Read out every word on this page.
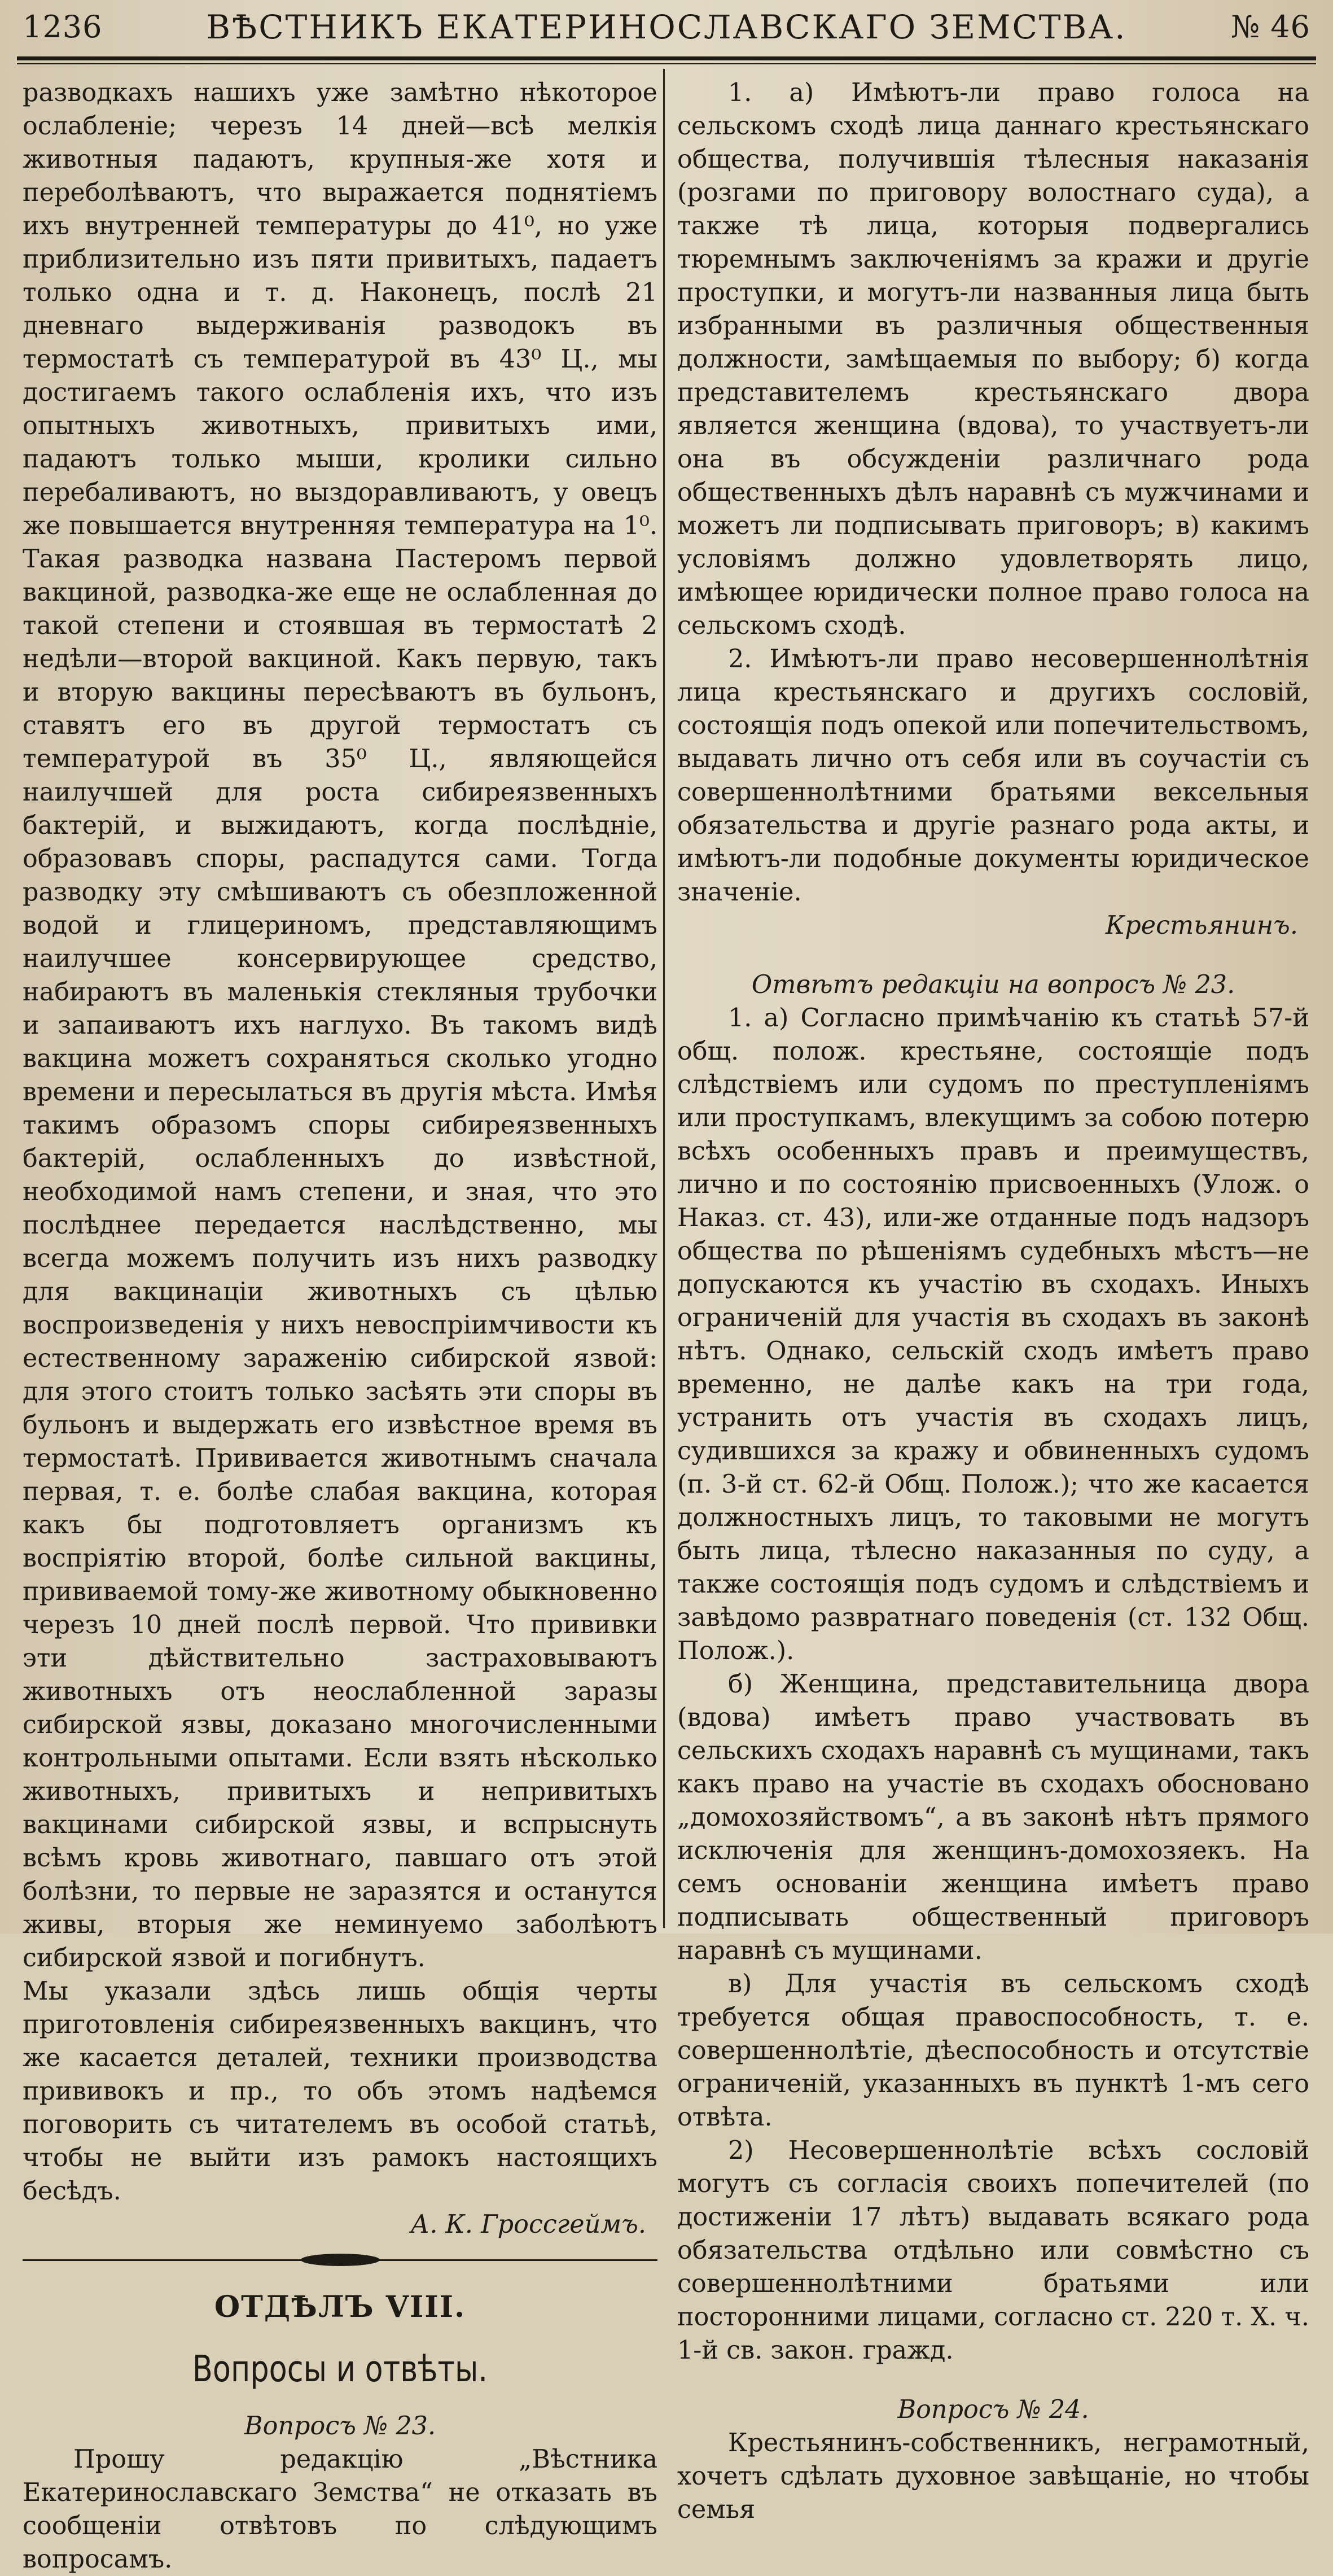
1236	ВѢСТНИКЪ ЕКАТЕРИНОСЛАВСКАГО ЗЕМСТВА.	№ 46

разводкахъ нашихъ уже замѣтно нѣкоторое ослабленіе; черезъ 14 дней—всѣ мелкія животныя падаютъ, крупныя-же хотя и переболѣваютъ, что выражается поднятіемъ ихъ внутренней температуры до 41⁰, но уже приблизительно изъ пяти привитыхъ, падаетъ только одна и т. д. Наконецъ, послѣ 21 дневнаго выдерживанія разводокъ въ термостатѣ съ температурой въ 43⁰ Ц., мы достигаемъ такого ослабленія ихъ, что изъ опытныхъ животныхъ, привитыхъ ими, падаютъ только мыши, кролики сильно перебаливаютъ, но выздоравливаютъ, у овецъ же повышается внутренняя температура на 1⁰. Такая разводка названа Пастеромъ первой вакциной, разводка-же еще не ослабленная до такой степени и стоявшая въ термостатѣ 2 недѣли—второй вакциной. Какъ первую, такъ и вторую вакцины пересѣваютъ въ бульонъ, ставятъ его въ другой термостатъ съ температурой въ 35⁰ Ц., являющейся наилучшей для роста сибиреязвенныхъ бактерій, и выжидаютъ, когда послѣдніе, образовавъ споры, распадутся сами. Тогда разводку эту смѣшиваютъ съ обезпложенной водой и глицериномъ, представляющимъ наилучшее консервирующее средство, набираютъ въ маленькія стекляныя трубочки и запаиваютъ ихъ наглухо. Въ такомъ видѣ вакцина можетъ сохраняться сколько угодно времени и пересылаться въ другія мѣста. Имѣя такимъ образомъ споры сибиреязвенныхъ бактерій, ослабленныхъ до извѣстной, необходимой намъ степени, и зная, что это послѣднее передается наслѣдственно, мы всегда можемъ получить изъ нихъ разводку для вакцинаціи животныхъ съ цѣлью воспроизведенія у нихъ невоспріимчивости къ естественному зараженію сибирской язвой: для этого стоитъ только засѣять эти споры въ бульонъ и выдержать его извѣстное время въ термостатѣ. Прививается животнымъ сначала первая, т. е. болѣе слабая вакцина, которая какъ бы подготовляетъ организмъ къ воспріятію второй, болѣе сильной вакцины, прививаемой тому-же животному обыкновенно черезъ 10 дней послѣ первой. Что прививки эти дѣйствительно застраховываютъ животныхъ отъ неослабленной заразы сибирской язвы, доказано многочисленными контрольными опытами. Если взять нѣсколько животныхъ, привитыхъ и непривитыхъ вакцинами сибирской язвы, и вспрыснуть всѣмъ кровь животнаго, павшаго отъ этой болѣзни, то первые не заразятся и останутся живы, вторыя же неминуемо заболѣютъ сибирской язвой и погибнутъ.

Мы указали здѣсь лишь общія черты приготовленія сибиреязвенныхъ вакцинъ, что же касается деталей, техники производства прививокъ и пр., то объ этомъ надѣемся поговорить съ читателемъ въ особой статьѣ, чтобы не выйти изъ рамокъ настоящихъ бесѣдъ.

А. К. Гроссгеймъ.
ОТДѢЛЪ VIII.
Вопросы и отвѣты.
Вопросъ № 23.

Прошу редакцію „Вѣстника Екатеринославскаго Земства“ не отказать въ сообщеніи отвѣтовъ по слѣдующимъ вопросамъ.

1. а) Имѣютъ-ли право голоса на сельскомъ сходѣ лица даннаго крестьянскаго общества, получившія тѣлесныя наказанія (розгами по приговору волостнаго суда), а также тѣ лица, которыя подвергались тюремнымъ заключеніямъ за кражи и другіе проступки, и могутъ-ли названныя лица быть избранными въ различныя общественныя должности, замѣщаемыя по выбору; б) когда представителемъ крестьянскаго двора является женщина (вдова), то участвуетъ-ли она въ обсужденіи различнаго рода общественныхъ дѣлъ наравнѣ съ мужчинами и можетъ ли подписывать приговоръ; в) какимъ условіямъ должно удовлетворять лицо, имѣющее юридически полное право голоса на сельскомъ сходѣ.

2. Имѣютъ-ли право несовершеннолѣтнія лица крестьянскаго и другихъ сословій, состоящія подъ опекой или попечительствомъ, выдавать лично отъ себя или въ соучастіи съ совершеннолѣтними братьями вексельныя обязательства и другіе разнаго рода акты, и имѣютъ-ли подобные документы юридическое значеніе.

Крестьянинъ.
Отвѣтъ редакціи на вопросъ № 23.

1. а) Согласно примѣчанію къ статьѣ 57-й общ. полож. крестьяне, состоящіе подъ слѣдствіемъ или судомъ по преступленіямъ или проступкамъ, влекущимъ за собою потерю всѣхъ особенныхъ правъ и преимуществъ, лично и по состоянію присвоенныхъ (Улож. о Наказ. ст. 43), или-же отданные подъ надзоръ общества по рѣшеніямъ судебныхъ мѣстъ—не допускаются къ участію въ сходахъ. Иныхъ ограниченій для участія въ сходахъ въ законѣ нѣтъ. Однако, сельскій сходъ имѣетъ право временно, не далѣе какъ на три года, устранить отъ участія въ сходахъ лицъ, судившихся за кражу и обвиненныхъ судомъ (п. 3-й ст. 62-й Общ. Полож.); что же касается должностныхъ лицъ, то таковыми не могутъ быть лица, тѣлесно наказанныя по суду, а также состоящія подъ судомъ и слѣдствіемъ и завѣдомо развратнаго поведенія (ст. 132 Общ. Полож.).

б) Женщина, представительница двора (вдова) имѣетъ право участвовать въ сельскихъ сходахъ наравнѣ съ мущинами, такъ какъ право на участіе въ сходахъ обосновано „домохозяйствомъ“, а въ законѣ нѣтъ прямого исключенія для женщинъ-домохозяекъ. На семъ основаніи женщина имѣетъ право подписывать общественный приговоръ наравнѣ съ мущинами.

в) Для участія въ сельскомъ сходѣ требуется общая правоспособность, т. е. совершеннолѣтіе, дѣеспособность и отсутствіе ограниченій, указанныхъ въ пунктѣ 1-мъ сего отвѣта.

2) Несовершеннолѣтіе всѣхъ сословій могутъ съ согласія своихъ попечителей (по достиженіи 17 лѣтъ) выдавать всякаго рода обязательства отдѣльно или совмѣстно съ совершеннолѣтними братьями или посторонними лицами, согласно ст. 220 т. Х. ч. 1-й св. закон. гражд.

Вопросъ № 24.

Крестьянинъ-собственникъ, неграмотный, хочетъ сдѣлать духовное завѣщаніе, но чтобы семья
